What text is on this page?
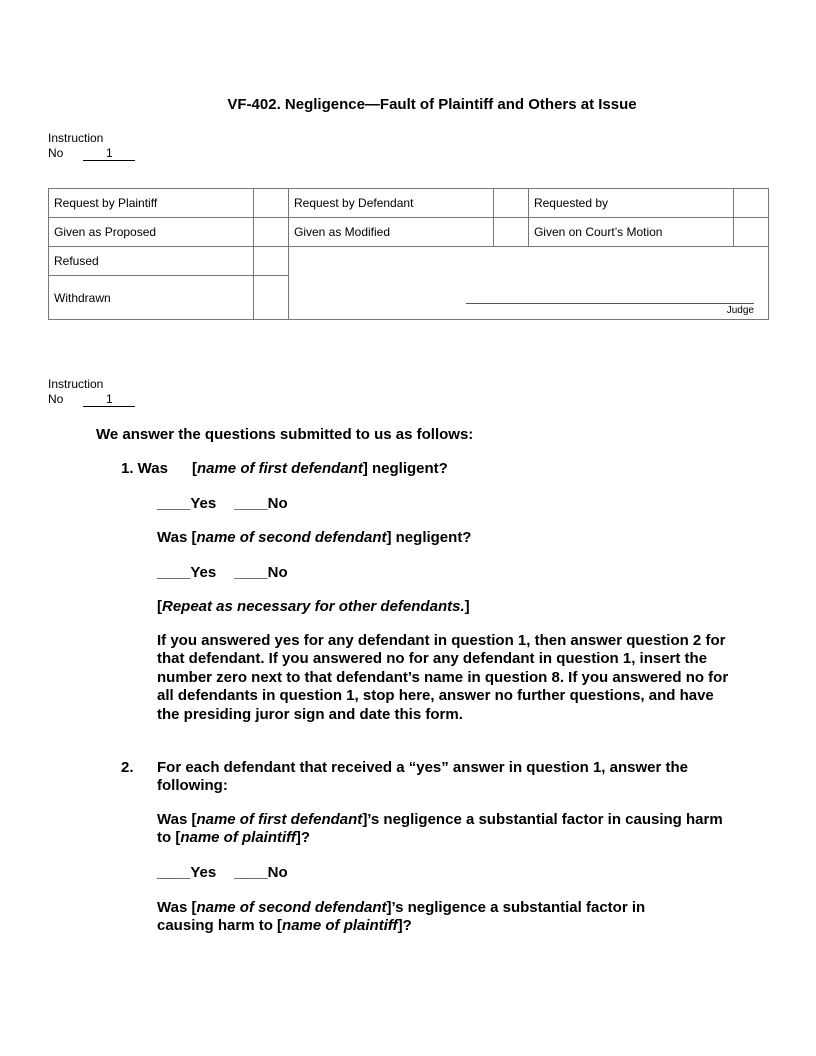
VF-402. Negligence—Fault of Plaintiff and Others at Issue
Instruction
No	1
Request by Plaintiff		Request by Defendant		Requested by	
Given as Proposed		Given as Modified		Given on Court’s Motion	
Refused		Judge			

Withdrawn					
Instruction
No	1
We answer the questions submitted to us as follows:
1. Was [name of first defendant] negligent?
____Yes ____No
Was [name of second defendant] negligent?
____Yes ____No
[Repeat as necessary for other defendants.]
If you answered yes for any defendant in question 1, then answer question 2 for that defendant. If you answered no for any defendant in question 1, insert the number zero next to that defendant’s name in question 8. If you answered no for all defendants in question 1, stop here, answer no further questions, and have the presiding juror sign and date this form.
2. For each defendant that received a “yes” answer in question 1, answer the following:
Was [name of first defendant]’s negligence a substantial factor in causing harm to [name of plaintiff]?
____Yes ____No
Was [name of second defendant]’s negligence a substantial factor in causing harm to [name of plaintiff]?
